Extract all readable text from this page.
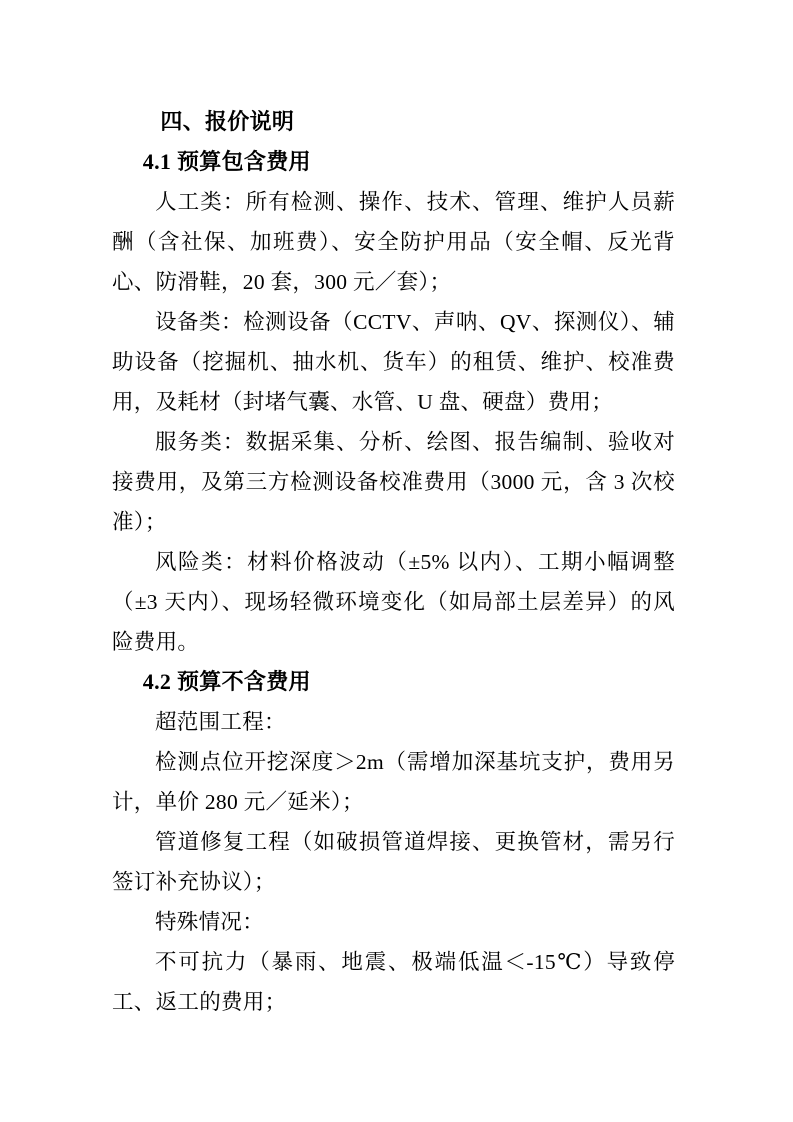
四、报价说明
4.1 预算包含费用
人工类：所有检测、操作、技术、管理、维护人员薪酬（含社保、加班费）、安全防护用品（安全帽、反光背心、防滑鞋，20 套，300 元／套）；
设备类：检测设备（CCTV、声呐、QV、探测仪）、辅助设备（挖掘机、抽水机、货车）的租赁、维护、校准费用，及耗材（封堵气囊、水管、U 盘、硬盘）费用；
服务类：数据采集、分析、绘图、报告编制、验收对接费用，及第三方检测设备校准费用（3000 元，含 3 次校准）；
风险类：材料价格波动（±5% 以内）、工期小幅调整（±3 天内）、现场轻微环境变化（如局部土层差异）的风险费用。
4.2 预算不含费用
超范围工程：
检测点位开挖深度＞2m（需增加深基坑支护，费用另计，单价 280 元／延米）；
管道修复工程（如破损管道焊接、更换管材，需另行签订补充协议）；
特殊情况：
不可抗力（暴雨、地震、极端低温＜-15℃）导致停工、返工的费用；
